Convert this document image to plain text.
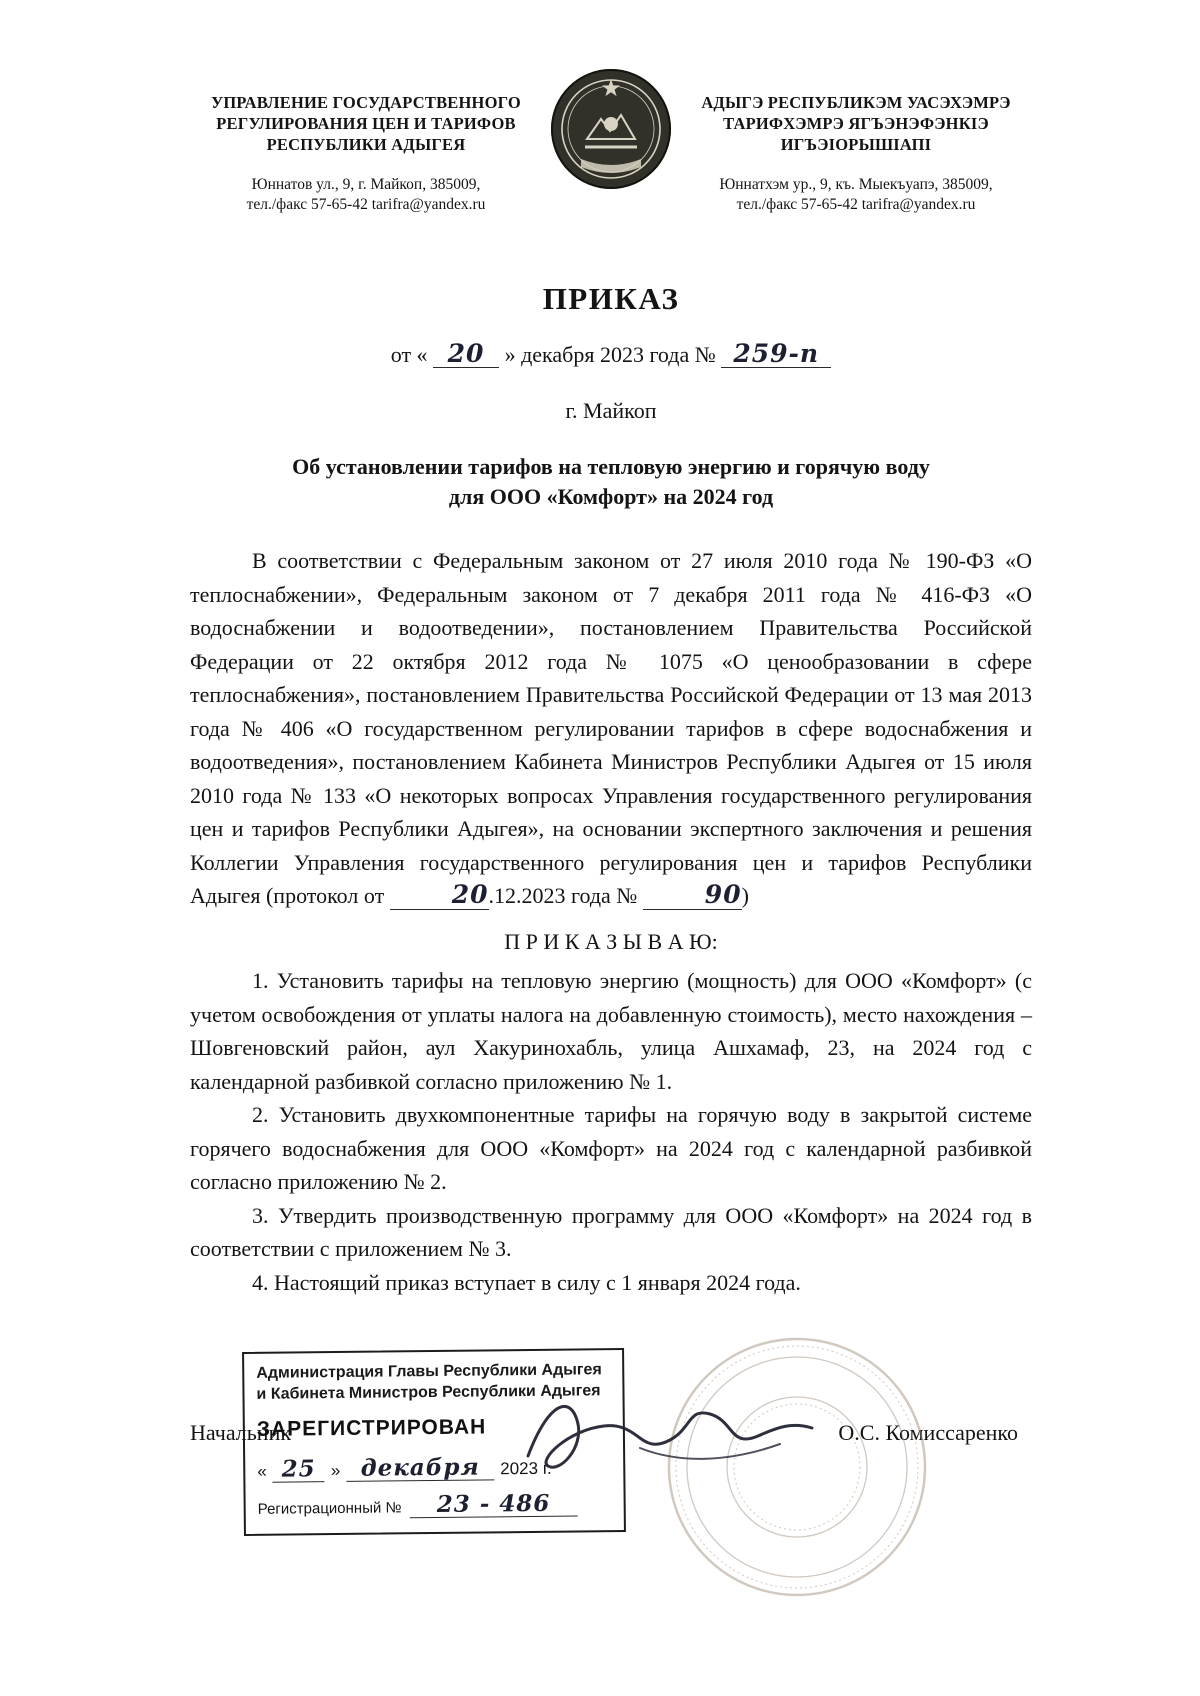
УПРАВЛЕНИЕ ГОСУДАРСТВЕННОГО РЕГУЛИРОВАНИЯ ЦЕН И ТАРИФОВ РЕСПУБЛИКИ АДЫГЕЯ
Юннатов ул., 9, г. Майкоп, 385009,
тел./факс 57-65-42 tarifra@yandex.ru
АДЫГЭ РЕСПУБЛИКЭМ УАСЭХЭМРЭ ТАРИФХЭМРЭ ЯГЪЭНЭФЭНКIЭ ИГЪЭIОРЫШIАПI
Юннатхэм ур., 9, къ. Мыекъуапэ, 385009,
тел./факс 57-65-42 tarifra@yandex.ru
ПРИКАЗ
от « 20 » декабря 2023 года № 259-п
г. Майкоп
Об установлении тарифов на тепловую энергию и горячую воду
для ООО «Комфорт» на 2024 год

В соответствии с Федеральным законом от 27 июля 2010 года № 190-ФЗ «О теплоснабжении», Федеральным законом от 7 декабря 2011 года № 416-ФЗ «О водоснабжении и водоотведении», постановлением Правительства Российской Федерации от 22 октября 2012 года № 1075 «О ценообразовании в сфере теплоснабжения», постановлением Правительства Российской Федерации от 13 мая 2013 года № 406 «О государственном регулировании тарифов в сфере водоснабжения и водоотведения», постановлением Кабинета Министров Республики Адыгея от 15 июля 2010 года № 133 «О некоторых вопросах Управления государственного регулирования цен и тарифов Республики Адыгея», на основании экспертного заключения и решения Коллегии Управления государственного регулирования цен и тарифов Республики Адыгея (протокол от	20.12.2023 года №	90)

П Р И К А З Ы В А Ю:

1. Установить тарифы на тепловую энергию (мощность) для ООО «Комфорт» (с учетом освобождения от уплаты налога на добавленную стоимость), место нахождения – Шовгеновский район, аул Хакуринохабль, улица Ашхамаф, 23, на 2024 год с календарной разбивкой согласно приложению № 1.

2. Установить двухкомпонентные тарифы на горячую воду в закрытой системе горячего водоснабжения для ООО «Комфорт» на 2024 год с календарной разбивкой согласно приложению № 2.

3. Утвердить производственную программу для ООО «Комфорт» на 2024 год в соответствии с приложением № 3.

4. Настоящий приказ вступает в силу с 1 января 2024 года.

Начальник	О.С. Комиссаренко
Администрация Главы Республики Адыгея
и Кабинета Министров Республики Адыгея
ЗАРЕГИСТРИРОВАН
« 25 » декабря	2023 г.
Регистрационный №	23 - 486
